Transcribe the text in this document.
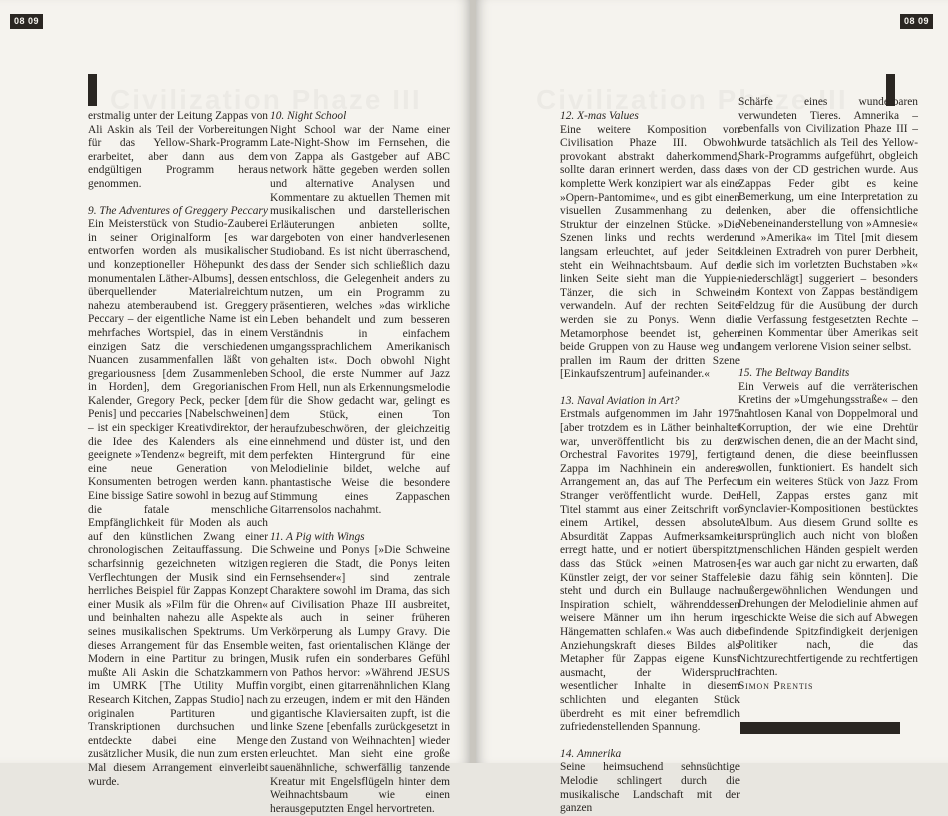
08 09

erstmalig unter der Leitung Zappas von Ali Askin als Teil der Vorbereitungen für das Yellow-Shark-Programm erarbeitet, aber dann aus dem endgültigen Programm heraus genommen.

9. The Adventures of Greggery Peccary

Ein Meisterstück von Studio-Zauberei in seiner Originalform [es war entworfen worden als musikalischer und konzeptioneller Höhepunkt des monumentalen Läther-Albums], dessen überquellender Materialreichtum nahezu atemberaubend ist. Greggery Peccary – der eigentliche Name ist ein mehrfaches Wortspiel, das in einem einzigen Satz die verschiedenen Nuancen zusammenfallen läßt von gregariousness [dem Zusammenleben in Horden], dem Gregorianischen Kalender, Gregory Peck, pecker [dem Penis] und peccaries [Nabelschweinen] – ist ein speckiger Kreativdirektor, der die Idee des Kalenders als eine geeignete »Tendenz« begreift, mit dem eine neue Generation von Konsumenten betrogen werden kann. Eine bissige Satire sowohl in bezug auf die fatale menschliche Empfänglichkeit für Moden als auch auf den künstlichen Zwang einer chronologischen Zeitauffassung. Die scharfsinnig gezeichneten witzigen Verflechtungen der Musik sind ein herrliches Beispiel für Zappas Konzept einer Musik als »Film für die Ohren« und beinhalten nahezu alle Aspekte seines musikalischen Spektrums. Um dieses Arrangement für das Ensemble Modern in eine Partitur zu bringen, mußte Ali Askin die Schatzkammern im UMRK [The Utility Muffin Research Kitchen, Zappas Studio] nach originalen Partituren und Transkriptionen durchsuchen und entdeckte dabei eine Menge zusätzlicher Musik, die nun zum ersten Mal diesem Arrangement einverleibt wurde.

10. Night School

Night School war der Name einer Late-Night-Show im Fernsehen, die von Zappa als Gastgeber auf ABC network hätte gegeben werden sollen und alternative Analysen und Kommentare zu aktuellen Themen mit musikalischen und darstellerischen Erläuterungen anbieten sollte, dargeboten von einer handverlesenen Studioband. Es ist nicht überraschend, dass der Sender sich schließlich dazu entschloss, die Gelegenheit anders zu nutzen, um ein Programm zu präsentieren, welches »das wirkliche Leben behandelt und zum besseren Verständnis in einfachem umgangssprachlichem Amerikanisch gehalten ist«. Doch obwohl Night School, die erste Nummer auf Jazz From Hell, nun als Erkennungsmelodie für die Show gedacht war, gelingt es dem Stück, einen Ton heraufzubeschwören, der gleichzeitig einnehmend und düster ist, und den perfekten Hintergrund für eine Melodielinie bildet, welche auf phantastische Weise die besondere Stimmung eines Zappaschen Gitarrensolos nachahmt.

11. A Pig with Wings

Schweine und Ponys [»Die Schweine regieren die Stadt, die Ponys leiten Fernsehsender«] sind zentrale Charaktere sowohl im Drama, das sich auf Civilisation Phaze III ausbreitet, als auch in seiner früheren Verkörperung als Lumpy Gravy. Die weiten, fast orientalischen Klänge der Musik rufen ein sonderbares Gefühl von Pathos hervor: »Während JESUS vorgibt, einen gitarrenähnlichen Klang zu erzeugen, indem er mit den Händen gigantische Klaviersaiten zupft, ist die linke Szene [ebenfalls zurückgesetzt in den Zustand von Weihnachten] wieder erleuchtet. Man sieht eine große sauenähnliche, schwerfällig tanzende Kreatur mit Engelsflügeln hinter dem Weihnachtsbaum wie einen herausgeputzten Engel hervortreten.

08 09
12. X-mas Values

Eine weitere Komposition von Civilisation Phaze III. Obwohl provokant abstrakt daherkommend, sollte daran erinnert werden, dass das komplette Werk konzipiert war als eine »Opern-Pantomime«, und es gibt einen visuellen Zusammenhang zu der Struktur der einzelnen Stücke. »Die Szenen links und rechts werden langsam erleuchtet, auf jeder Seite steht ein Weihnachtsbaum. Auf der linken Seite sieht man die Yuppie-Tänzer, die sich in Schweine verwandeln. Auf der rechten Seite werden sie zu Ponys. Wenn die Metamorphose beendet ist, gehen beide Gruppen von zu Hause weg und prallen im Raum der dritten Szene [Einkaufszentrum] aufeinander.«

13. Naval Aviation in Art?

Erstmals aufgenommen im Jahr 1975 [aber trotzdem es in Läther beinhaltet war, unveröffentlicht bis zu den Orchestral Favorites 1979], fertigte Zappa im Nachhinein ein anderes Arrangement an, das auf The Perfect Stranger veröffentlicht wurde. Der Titel stammt aus einer Zeitschrift von einem Artikel, dessen absolute Absurdität Zappas Aufmerksamkeit erregt hatte, und er notiert überspitzt, dass das Stück »einen Matrosen-Künstler zeigt, der vor seiner Staffelei steht und durch ein Bullauge nach Inspiration schielt, währenddessen weisere Männer um ihn herum in Hängematten schlafen.« Was auch die Anziehungskraft dieses Bildes als Metapher für Zappas eigene Kunst ausmacht, der Widerspruch wesentlicher Inhalte in diesem schlichten und eleganten Stück überdreht es mit einer befremdlich zufriedenstellenden Spannung.

14. Amnerika

Seine heimsuchend sehnsüchtige Melodie schlingert durch die musikalische Landschaft mit der ganzen

Schärfe eines wunderbaren verwundeten Tieres. Amnerika – ebenfalls von Civilization Phaze III – wurde tatsächlich als Teil des Yellow-Shark-Programms aufgeführt, obgleich es von der CD gestrichen wurde. Aus Zappas Feder gibt es keine Bemerkung, um eine Interpretation zu lenken, aber die offensichtliche Nebeneinanderstellung von »Amnesie« und »Amerika« im Titel [mit diesem kleinen Extradreh von purer Derbheit, die sich im vorletzten Buchstaben »k« niederschlägt] suggeriert – besonders im Kontext von Zappas beständigem Feldzug für die Ausübung der durch die Verfassung festgesetzten Rechte – einen Kommentar über Amerikas seit langem verlorene Vision seiner selbst.

15. The Beltway Bandits

Ein Verweis auf die verräterischen Kretins der »Umgehungsstraße« – den nahtlosen Kanal von Doppelmoral und Korruption, der wie eine Drehtür zwischen denen, die an der Macht sind, und denen, die diese beeinflussen wollen, funktioniert. Es handelt sich um ein weiteres Stück von Jazz From Hell, Zappas erstes ganz mit Synclavier-Kompositionen bestücktes Album. Aus diesem Grund sollte es ursprünglich auch nicht von bloßen menschlichen Händen gespielt werden [es war auch gar nicht zu erwarten, daß sie dazu fähig sein könnten]. Die außergewöhnlichen Wendungen und Drehungen der Melodielinie ahmen auf geschickte Weise die sich auf Abwegen befindende Spitzfindigkeit derjenigen Politiker nach, die das Nichtzurechtfertigende zu rechtfertigen trachten.

Simon Prentis
